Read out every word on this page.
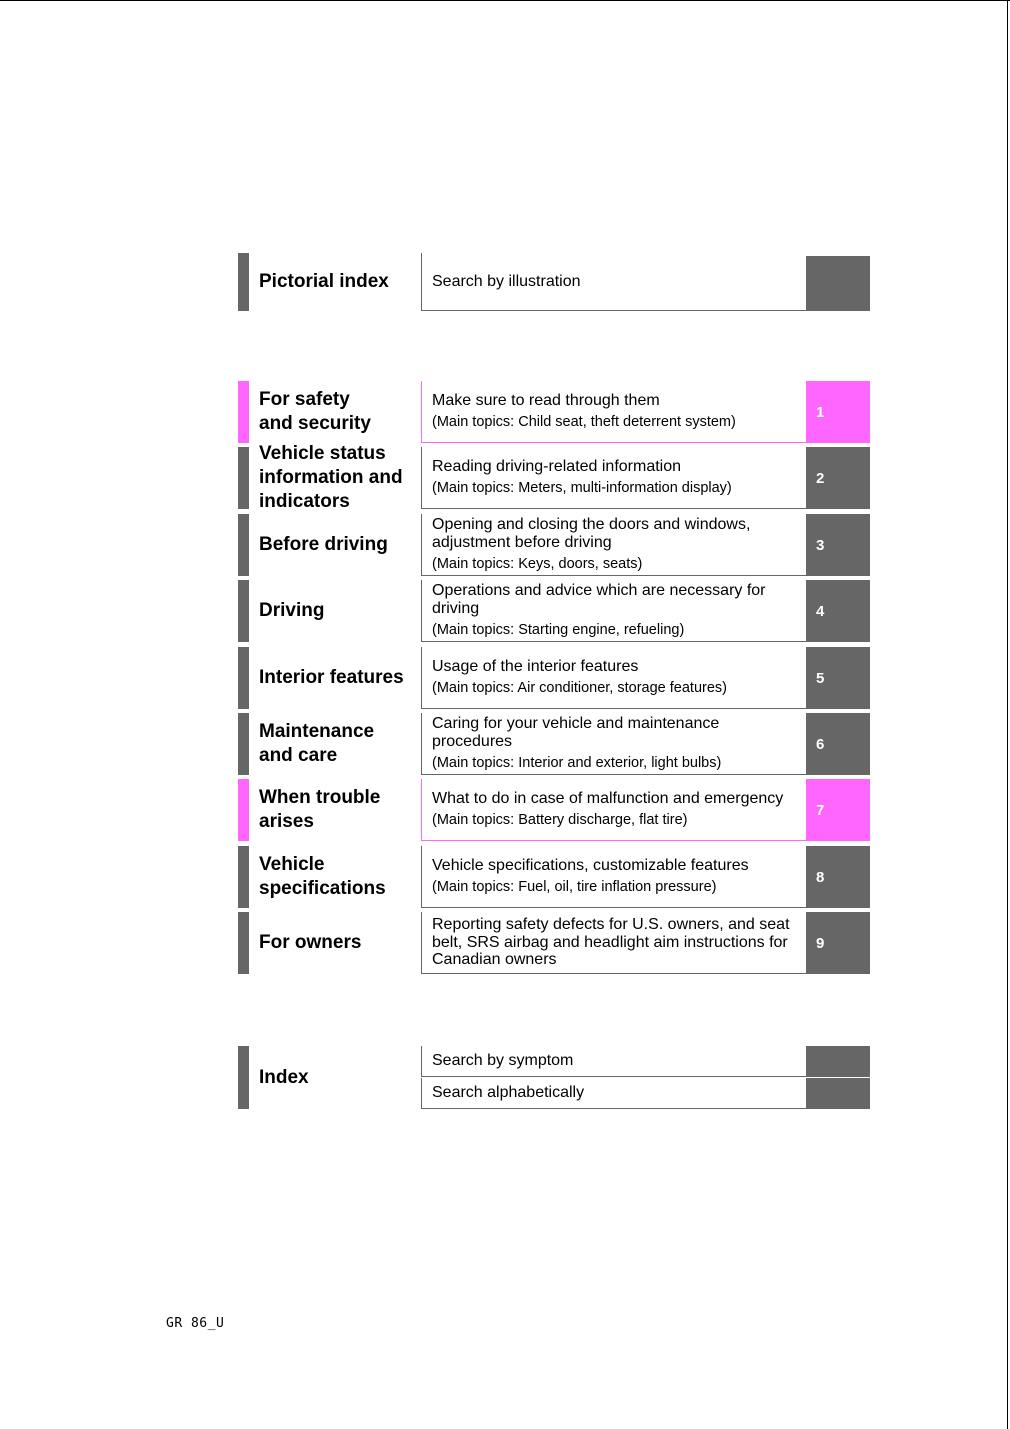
Pictorial index	Search by illustration
For safety
and security
Make sure to read through them
(Main topics: Child seat, theft deterrent system)
1
Vehicle status
information and
indicators
Reading driving-related information
(Main topics: Meters, multi-information display)
2
Before driving
Opening and closing the doors and windows,
adjustment before driving
(Main topics: Keys, doors, seats)
3
Driving
Operations and advice which are necessary for
driving
(Main topics: Starting engine, refueling)
4
Interior features
Usage of the interior features
(Main topics: Air conditioner, storage features)
5
Maintenance
and care
Caring for your vehicle and maintenance
procedures
(Main topics: Interior and exterior, light bulbs)
6
When trouble
arises
What to do in case of malfunction and emergency
(Main topics: Battery discharge, flat tire)
7
Vehicle
specifications
Vehicle specifications, customizable features
(Main topics: Fuel, oil, tire inflation pressure)
8
For owners
Reporting safety defects for U.S. owners, and seat
belt, SRS airbag and headlight aim instructions for
Canadian owners
9
Index
Search by symptom
Search alphabetically
GR 86_U
